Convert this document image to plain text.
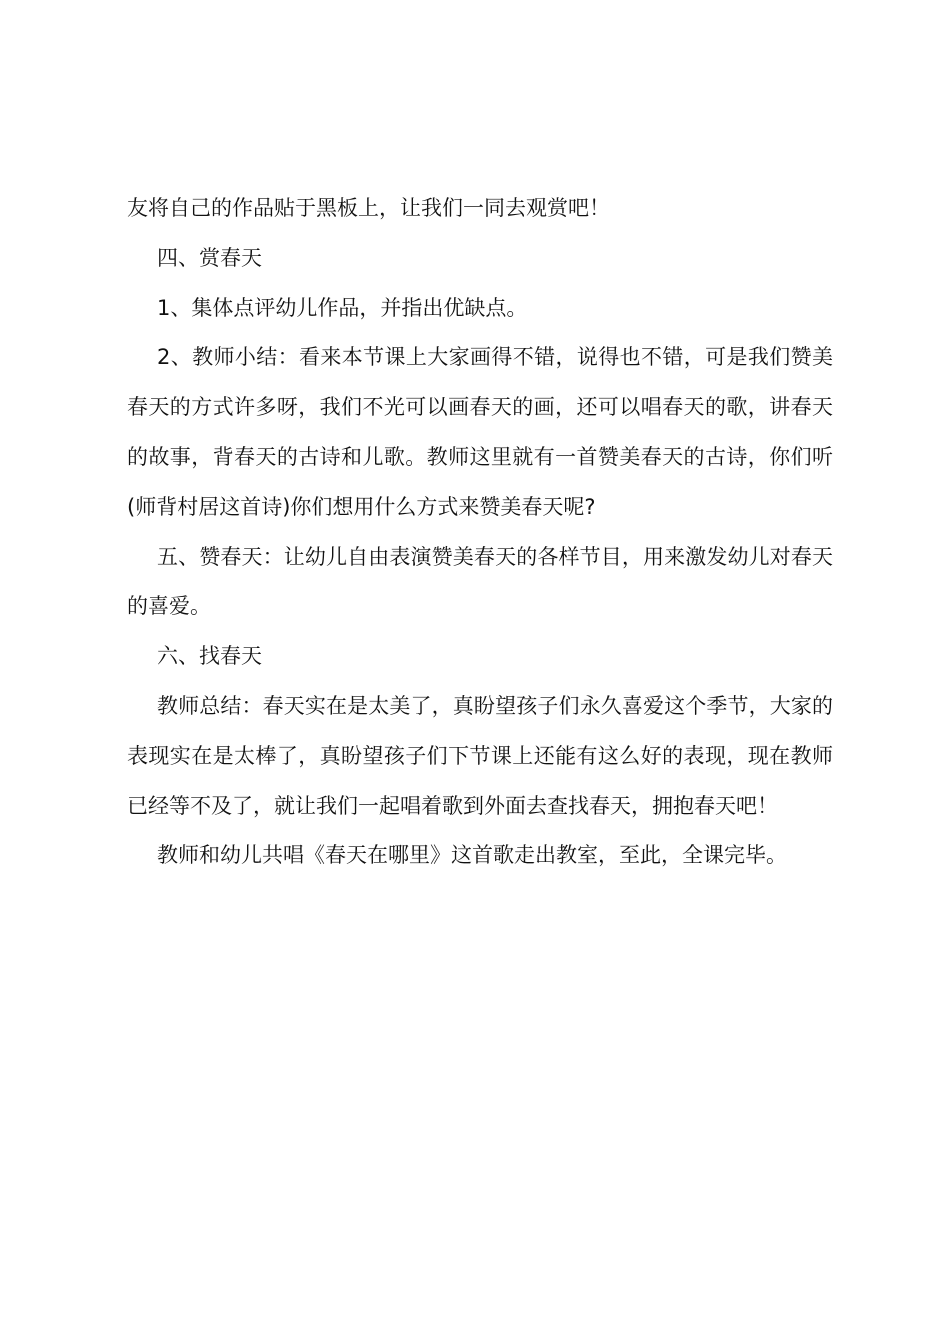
友将自己的作品贴于黑板上，让我们一同去观赏吧！

四、赏春天

1、集体点评幼儿作品，并指出优缺点。

2、教师小结：看来本节课上大家画得不错，说得也不错，可是我们赞美春天的方式许多呀，我们不光可以画春天的画，还可以唱春天的歌，讲春天的故事，背春天的古诗和儿歌。教师这里就有一首赞美春天的古诗，你们听(师背村居这首诗)你们想用什么方式来赞美春天呢?

五、赞春天：让幼儿自由表演赞美春天的各样节目，用来激发幼儿对春天的喜爱。

六、找春天

教师总结：春天实在是太美了，真盼望孩子们永久喜爱这个季节，大家的表现实在是太棒了，真盼望孩子们下节课上还能有这么好的表现，现在教师已经等不及了，就让我们一起唱着歌到外面去查找春天，拥抱春天吧！

教师和幼儿共唱《春天在哪里》这首歌走出教室，至此，全课完毕。
